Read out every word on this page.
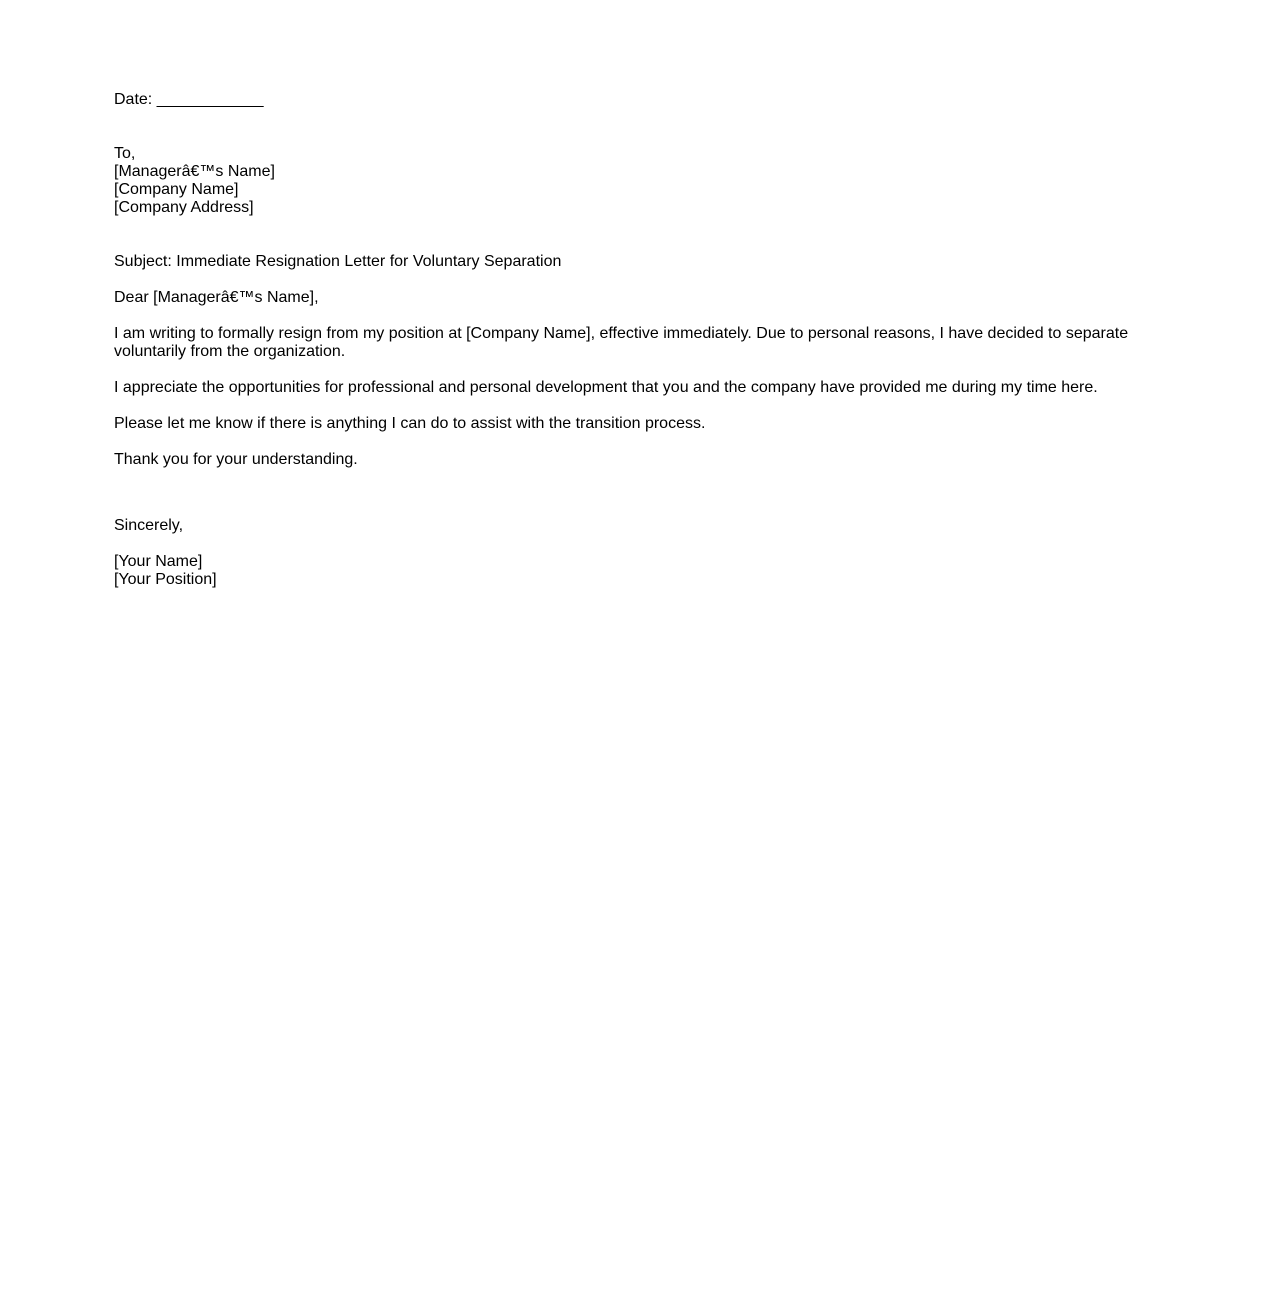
Date: ____________
To,
[Managerâ€™s Name]
[Company Name]
[Company Address]
Subject: Immediate Resignation Letter for Voluntary Separation
Dear [Managerâ€™s Name],
I am writing to formally resign from my position at [Company Name], effective immediately. Due to personal reasons, I have decided to separate voluntarily from the organization.
I appreciate the opportunities for professional and personal development that you and the company have provided me during my time here.
Please let me know if there is anything I can do to assist with the transition process.
Thank you for your understanding.
Sincerely,
[Your Name]
[Your Position]
